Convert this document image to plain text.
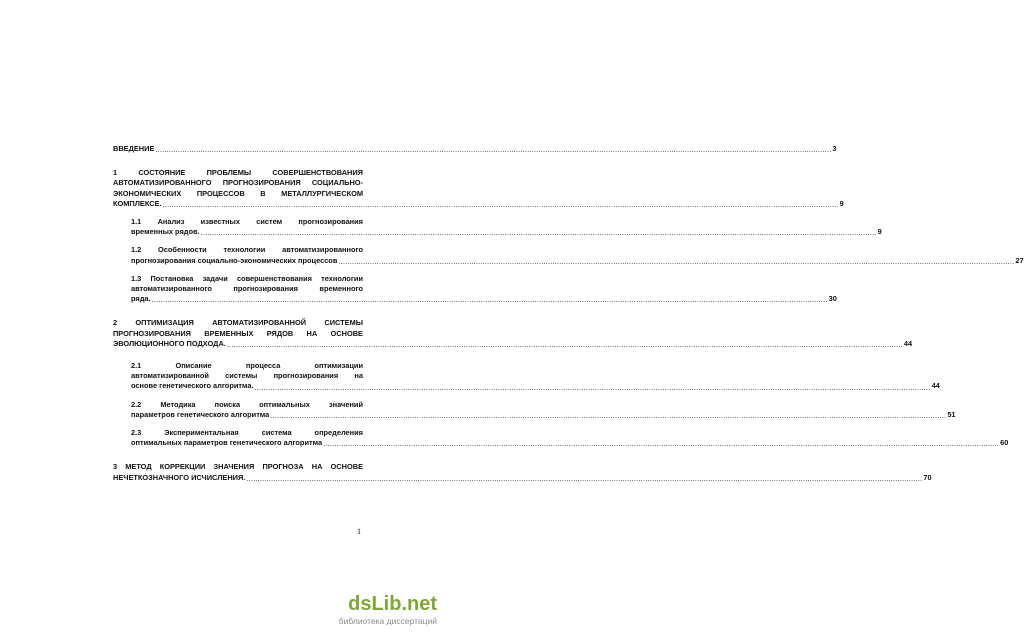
ВВЕДЕНИЕ ............................................................................................................................................................................................................................................................................................................ 3
1 СОСТОЯНИЕ ПРОБЛЕМЫ СОВЕРШЕНСТВОВАНИЯ
АВТОМАТИЗИРОВАННОГО ПРОГНОЗИРОВАНИЯ СОЦИАЛЬНО-
ЭКОНОМИЧЕСКИХ ПРОЦЕССОВ В МЕТАЛЛУРГИЧЕСКОМ
КОМПЛЕКСЕ. ............................................................................................................................................................................................................................................................................................................ 9
1.1 Анализ известных систем прогнозирования
временных рядов. ............................................................................................................................................................................................................................................................................................................ 9
1.2 Особенности технологии автоматизированного
прогнозирования социально-экономических процессов ............................................................................................................................................................................................................................................................................................................ 27
1.3 Постановка задачи совершенствования технологии
автоматизированного прогнозирования временного
ряда. ............................................................................................................................................................................................................................................................................................................ 30
2 ОПТИМИЗАЦИЯ АВТОМАТИЗИРОВАННОЙ СИСТЕМЫ
ПРОГНОЗИРОВАНИЯ ВРЕМЕННЫХ РЯДОВ НА ОСНОВЕ
ЭВОЛЮЦИОННОГО ПОДХОДА. ............................................................................................................................................................................................................................................................................................................ 44
2.1 Описание процесса оптимизации
автоматизированной системы прогнозирования на
основе генетического алгоритма. ............................................................................................................................................................................................................................................................................................................ 44
2.2 Методика поиска оптимальных значений
параметров генетического алгоритма ............................................................................................................................................................................................................................................................................................................ 51
2.3 Экспериментальная система определения
оптимальных параметров генетического алгоритма ............................................................................................................................................................................................................................................................................................................ 60
3 МЕТОД КОРРЕКЦИИ ЗНАЧЕНИЯ ПРОГНОЗА НА ОСНОВЕ
НЕЧЕТКОЗНАЧНОГО ИСЧИСЛЕНИЯ. ............................................................................................................................................................................................................................................................................................................ 70
1
dsLib.net
библиотека диссертаций
